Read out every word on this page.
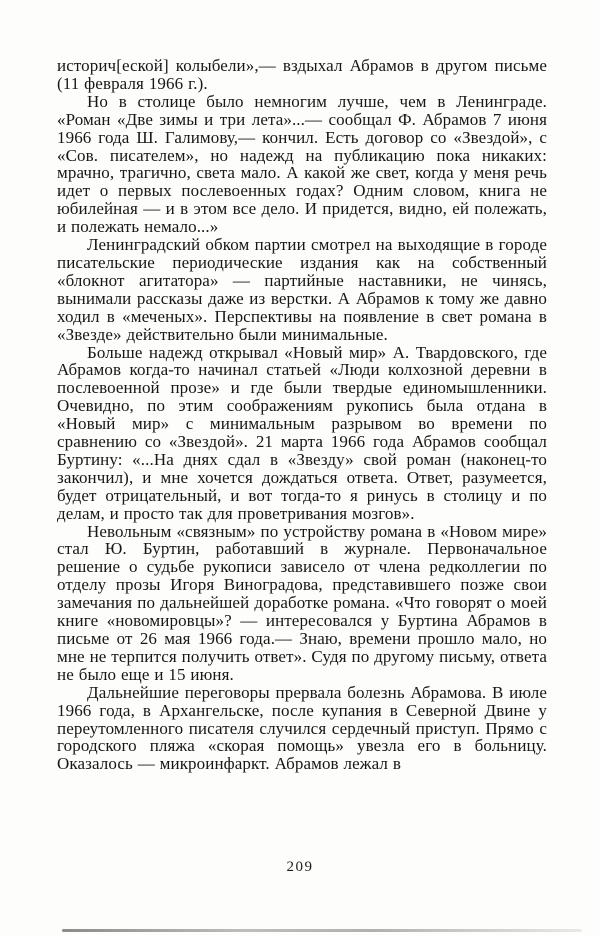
историч[еской] колыбели»,— вздыхал Абрамов в другом письме (11 февраля 1966 г.).

Но в столице было немногим лучше, чем в Ленинграде. «Роман «Две зимы и три лета»...— сообщал Ф. Абрамов 7 июня 1966 года Ш. Галимову,— кончил. Есть договор со «Звездой», с «Сов. писателем», но надежд на публикацию пока никаких: мрачно, трагично, света мало. А какой же свет, когда у меня речь идет о первых послевоенных годах? Одним словом, книга не юбилейная — и в этом все дело. И придется, видно, ей полежать, и полежать немало...»

Ленинградский обком партии смотрел на выходящие в городе писательские периодические издания как на собственный «блокнот агитатора» — партийные наставники, не чинясь, вынимали рассказы даже из верстки. А Абрамов к тому же давно ходил в «меченых». Перспективы на появление в свет романа в «Звезде» действительно были минимальные.

Больше надежд открывал «Новый мир» А. Твардовского, где Абрамов когда-то начинал статьей «Люди колхозной деревни в послевоенной прозе» и где были твердые единомышленники. Очевидно, по этим соображениям рукопись была отдана в «Новый мир» с минимальным разрывом во времени по сравнению со «Звездой». 21 марта 1966 года Абрамов сообщал Буртину: «...На днях сдал в «Звезду» свой роман (наконец-то закончил), и мне хочется дождаться ответа. Ответ, разумеется, будет отрицательный, и вот тогда-то я ринусь в столицу и по делам, и просто так для проветривания мозгов».

Невольным «связным» по устройству романа в «Новом мире» стал Ю. Буртин, работавший в журнале. Первоначальное решение о судьбе рукописи зависело от члена редколлегии по отделу прозы Игоря Виноградова, представившего позже свои замечания по дальнейшей доработке романа. «Что говорят о моей книге «новомировцы»? — интересовался у Буртина Абрамов в письме от 26 мая 1966 года.— Знаю, времени прошло мало, но мне не терпится получить ответ». Судя по другому письму, ответа не было еще и 15 июня.

Дальнейшие переговоры прервала болезнь Абрамова. В июле 1966 года, в Архангельске, после купания в Северной Двине у переутомленного писателя случился сердечный приступ. Прямо с городского пляжа «скорая помощь» увезла его в больницу. Оказалось — микроинфаркт. Абрамов лежал в

209
